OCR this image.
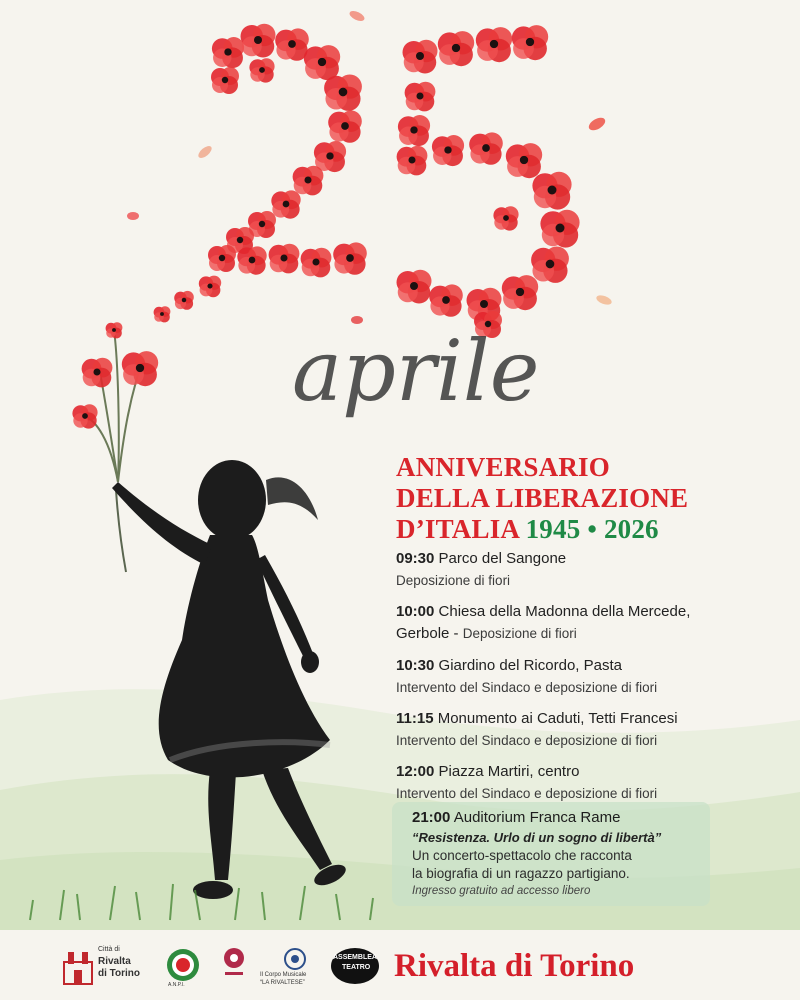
aprile
ANNIVERSARIO
DELLA LIBERAZIONE
D’ITALIA 1945 • 2026
09:30 Parco del Sangone
Deposizione di fiori
10:00 Chiesa della Madonna della Mercede,
Gerbole - Deposizione di fiori
10:30 Giardino del Ricordo, Pasta
Intervento del Sindaco e deposizione di fiori
11:15 Monumento ai Caduti, Tetti Francesi
Intervento del Sindaco e deposizione di fiori
12:00 Piazza Martiri, centro
Intervento del Sindaco e deposizione di fiori
21:00 Auditorium Franca Rame
“Resistenza. Urlo di un sogno di libertà”
Un concerto-spettacolo che racconta
la biografia di un ragazzo partigiano.
Ingresso gratuito ad accesso libero
Città di
Rivalta
di Torino
A.N.P.I.
Il Corpo Musicale
“LA RIVALTESE”
ASSEMBLEA
TEATRO Rivalta di Torino
